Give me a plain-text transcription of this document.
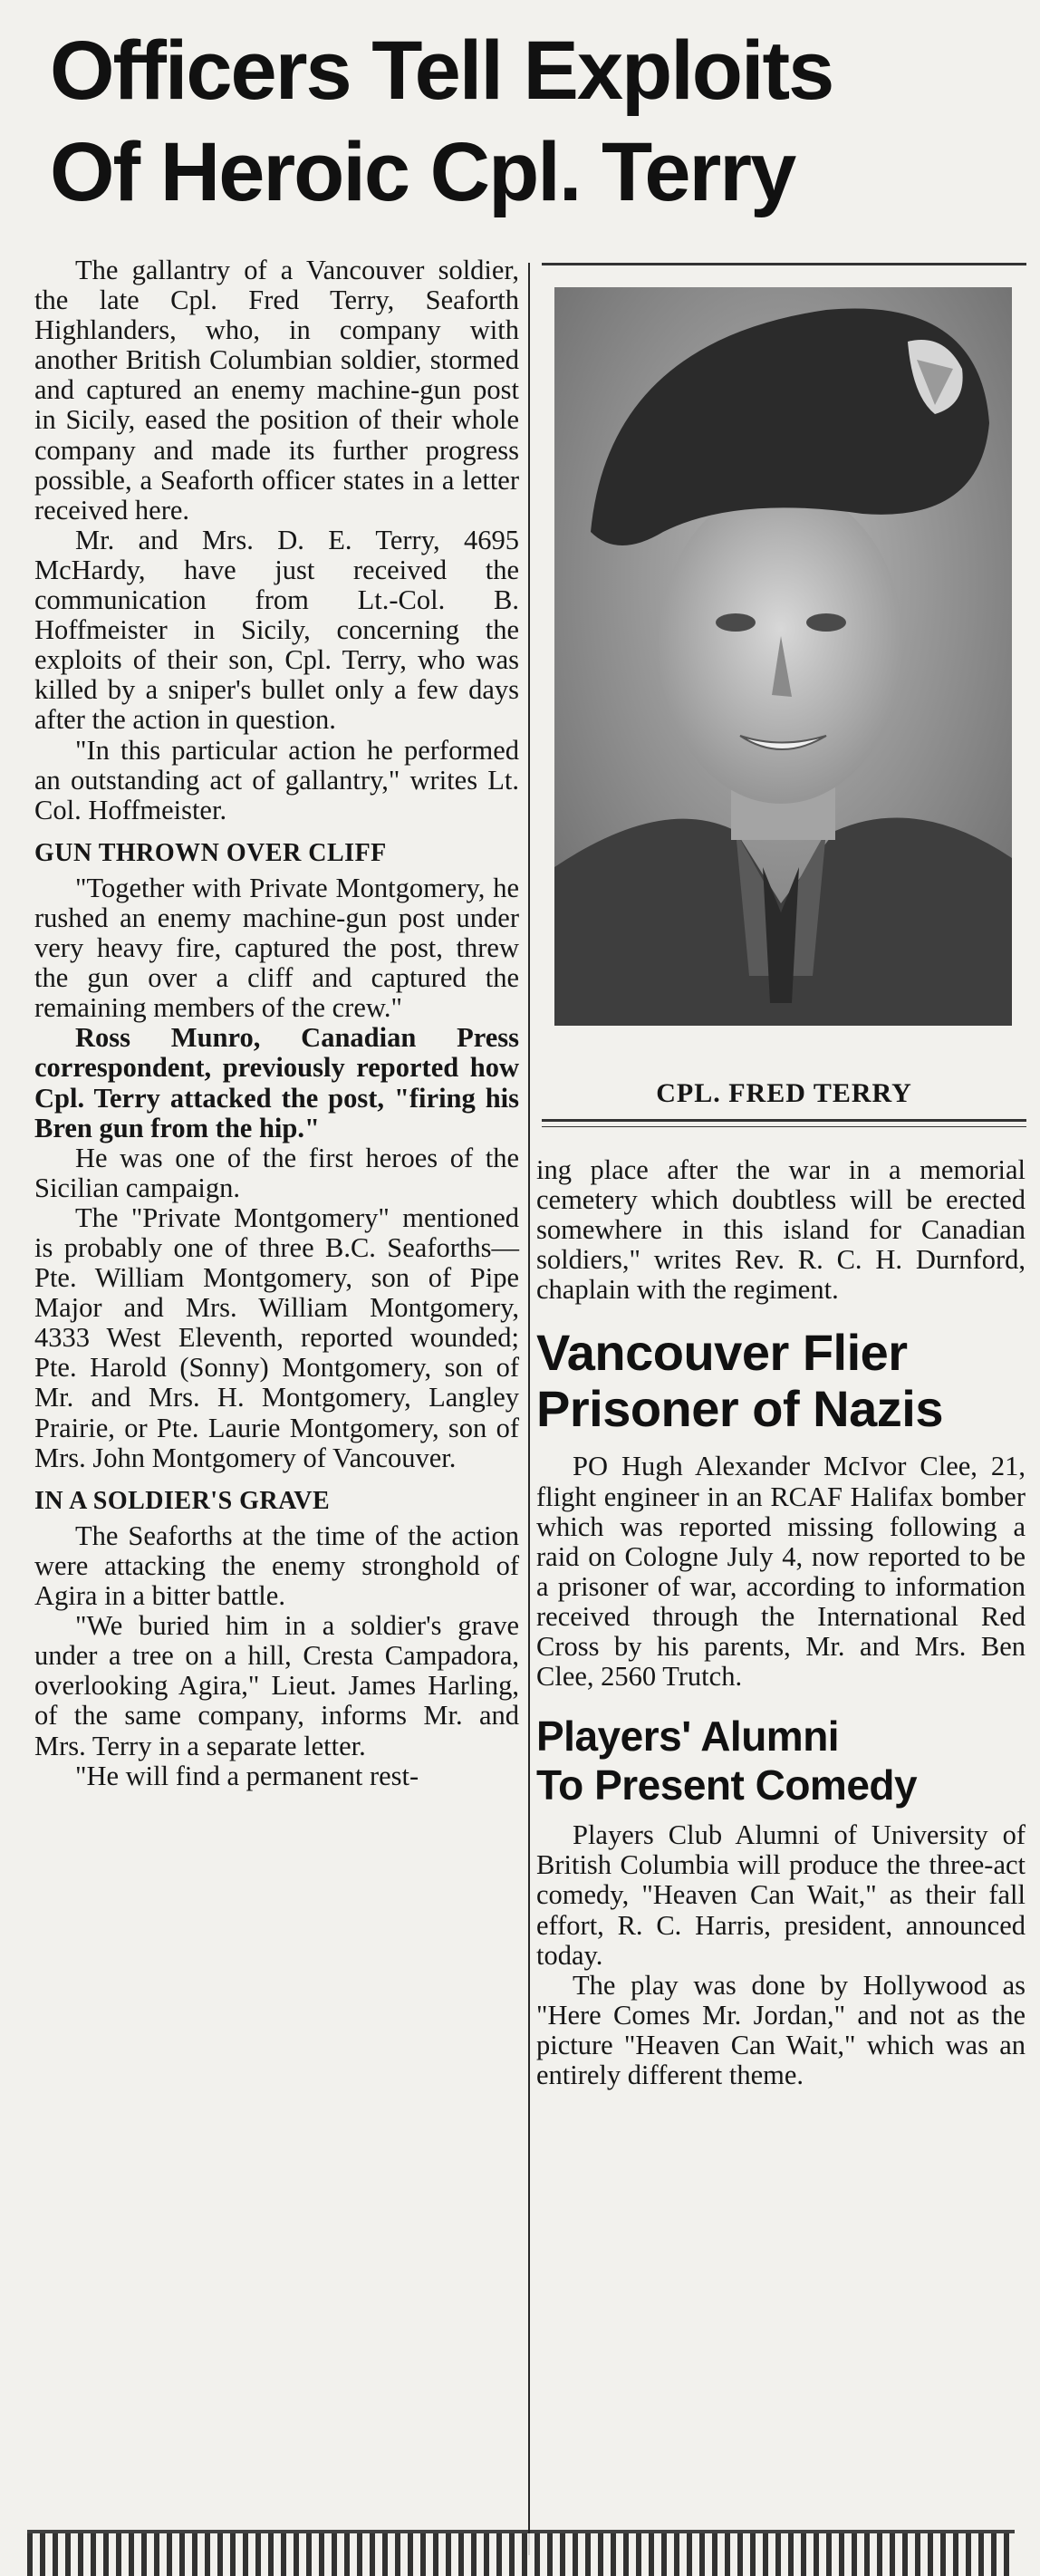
Officers Tell Exploits
Of Heroic Cpl. Terry

The gallantry of a Vancouver soldier, the late Cpl. Fred Terry, Seaforth Highlanders, who, in company with another British Columbian soldier, stormed and captured an enemy machine-gun post in Sicily, eased the position of their whole company and made its further progress possible, a Seaforth officer states in a letter received here.

Mr. and Mrs. D. E. Terry, 4695 McHardy, have just received the communication from Lt.-Col. B. Hoffmeister in Sicily, concerning the exploits of their son, Cpl. Terry, who was killed by a sniper's bullet only a few days after the action in question.

"In this particular action he performed an outstanding act of gallantry," writes Lt. Col. Hoffmeister.

GUN THROWN OVER CLIFF

"Together with Private Montgomery, he rushed an enemy machine-gun post under very heavy fire, captured the post, threw the gun over a cliff and captured the remaining members of the crew."

Ross Munro, Canadian Press correspondent, previously reported how Cpl. Terry attacked the post, "firing his Bren gun from the hip."

He was one of the first heroes of the Sicilian campaign.

The "Private Montgomery" mentioned is probably one of three B.C. Seaforths—Pte. William Montgomery, son of Pipe Major and Mrs. William Montgomery, 4333 West Eleventh, reported wounded; Pte. Harold (Sonny) Montgomery, son of Mr. and Mrs. H. Montgomery, Langley Prairie, or Pte. Laurie Montgomery, son of Mrs. John Montgomery of Vancouver.

IN A SOLDIER'S GRAVE

The Seaforths at the time of the action were attacking the enemy stronghold of Agira in a bitter battle.

"We buried him in a soldier's grave under a tree on a hill, Cresta Campadora, overlooking Agira," Lieut. James Harling, of the same company, informs Mr. and Mrs. Terry in a separate letter.

"He will find a permanent rest-

CPL. FRED TERRY

ing place after the war in a memorial cemetery which doubtless will be erected somewhere in this island for Canadian soldiers," writes Rev. R. C. H. Durnford, chaplain with the regiment.

Vancouver Flier
Prisoner of Nazis

PO Hugh Alexander McIvor Clee, 21, flight engineer in an RCAF Halifax bomber which was reported missing following a raid on Cologne July 4, now reported to be a prisoner of war, according to information received through the International Red Cross by his parents, Mr. and Mrs. Ben Clee, 2560 Trutch.

Players' Alumni
To Present Comedy

Players Club Alumni of University of British Columbia will produce the three-act comedy, "Heaven Can Wait," as their fall effort, R. C. Harris, president, announced today.

The play was done by Hollywood as "Here Comes Mr. Jordan," and not as the picture "Heaven Can Wait," which was an entirely different theme.
